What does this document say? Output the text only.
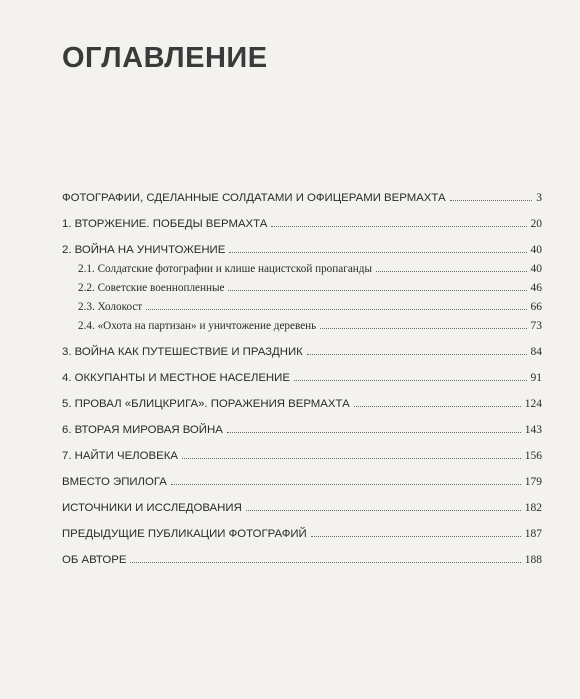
ОГЛАВЛЕНИЕ
ФОТОГРАФИИ, СДЕЛАННЫЕ СОЛДАТАМИ И ОФИЦЕРАМИ ВЕРМАХТА	3
1. ВТОРЖЕНИЕ. ПОБЕДЫ ВЕРМАХТА	20
2. ВОЙНА НА УНИЧТОЖЕНИЕ	40
2.1. Солдатские фотографии и клише нацистской пропаганды	40
2.2. Советские военнопленные	46
2.3. Холокост	66
2.4. «Охота на партизан» и уничтожение деревень	73
3. ВОЙНА КАК ПУТЕШЕСТВИЕ И ПРАЗДНИК	84
4. ОККУПАНТЫ И МЕСТНОЕ НАСЕЛЕНИЕ	91
5. ПРОВАЛ «БЛИЦКРИГА». ПОРАЖЕНИЯ ВЕРМАХТА	124
6. ВТОРАЯ МИРОВАЯ ВОЙНА	143
7. НАЙТИ ЧЕЛОВЕКА	156
ВМЕСТО ЭПИЛОГА	179
ИСТОЧНИКИ И ИССЛЕДОВАНИЯ	182
ПРЕДЫДУЩИЕ ПУБЛИКАЦИИ ФОТОГРАФИЙ	187
ОБ АВТОРЕ	188
